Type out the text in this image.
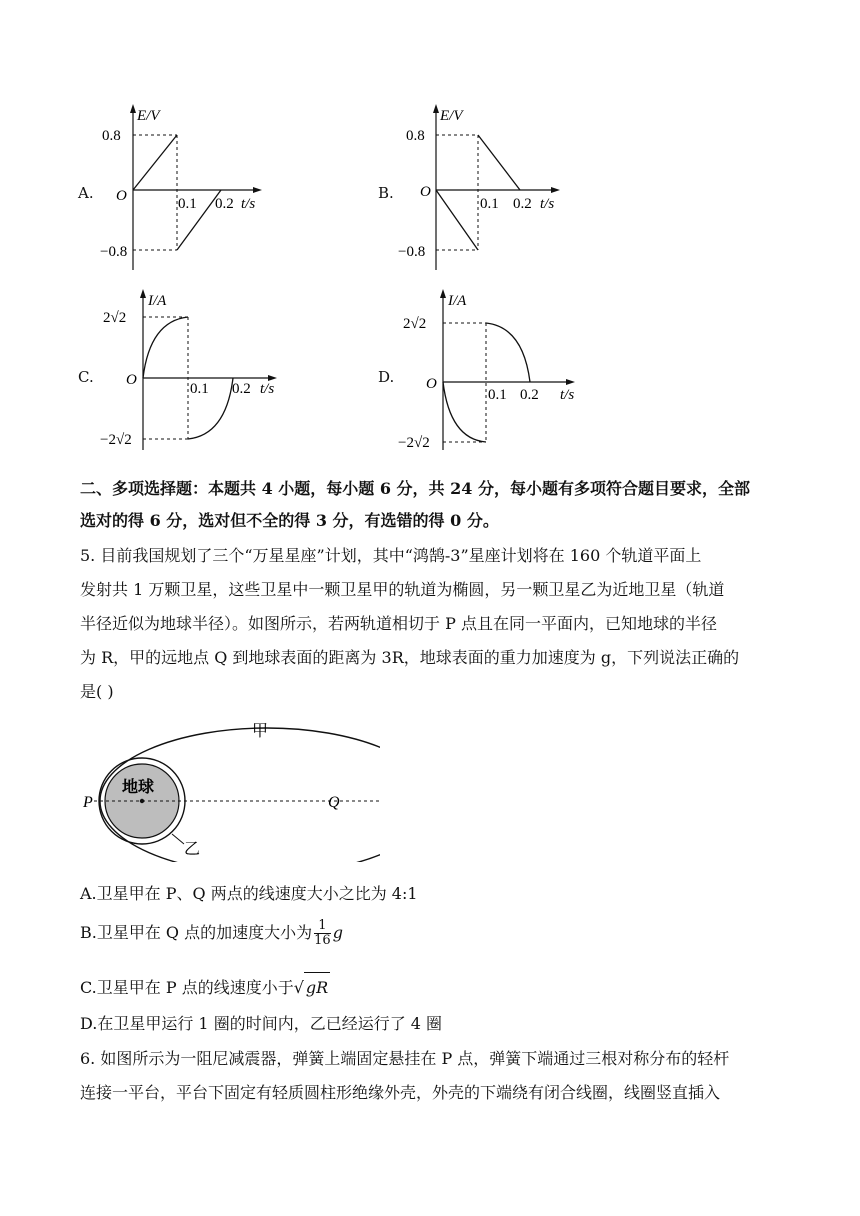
A.
E/V
0.8
O
−0.8
0.1 0.2 t/s
B.
E/V
0.8
O
−0.8
0.1 0.2 t/s
C.
I/A
2√2
O
−2√2
0.1 0.2 t/s
D.
I/A
2√2
O
−2√2
0.1 0.2 t/s
二、多项选择题：本题共 4 小题，每小题 6 分，共 24 分，每小题有多项符合题目要求，全部
选对的得 6 分，选对但不全的得 3 分，有选错的得 0 分。
5. 目前我国规划了三个“万星星座”计划，其中“鸿鹄-3”星座计划将在 160 个轨道平面上
发射共 1 万颗卫星，这些卫星中一颗卫星甲的轨道为椭圆，另一颗卫星乙为近地卫星（轨道
半径近似为地球半径）。如图所示，若两轨道相切于 P 点且在同一平面内，已知地球的半径
为 R，甲的远地点 Q 到地球表面的距离为 3R，地球表面的重力加速度为 g，下列说法正确的
是( )
地球
P	Q
甲
乙
A.卫星甲在 P、Q 两点的线速度大小之比为 4:1
B.卫星甲在 Q 点的加速度大小为 $\frac{1}{16}$ g
C.卫星甲在 P 点的线速度小于√ gR
D.在卫星甲运行 1 圈的时间内，乙已经运行了 4 圈
6. 如图所示为一阻尼减震器，弹簧上端固定悬挂在 P 点，弹簧下端通过三根对称分布的轻杆
连接一平台，平台下固定有轻质圆柱形绝缘外壳，外壳的下端绕有闭合线圈，线圈竖直插入
